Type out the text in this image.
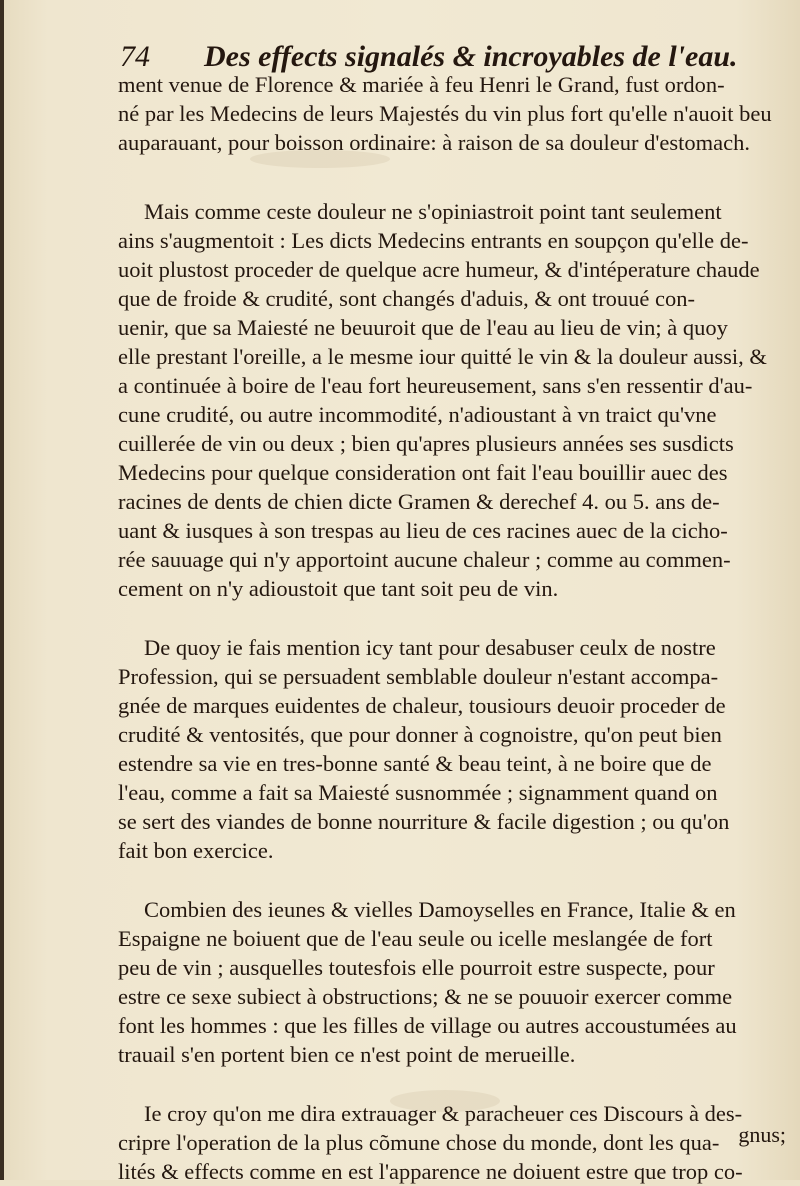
74 Des effects signalés & incroyables de l'eau.

ment venue de Florence & mariée à feu Henri le Grand, fust ordon-
né par les Medecins de leurs Majestés du vin plus fort qu'elle n'auoit beu
auparauant, pour boisson ordinaire: à raison de sa douleur d'estomach.

Mais comme ceste douleur ne s'opiniastroit point tant seulement
ains s'augmentoit : Les dicts Medecins entrants en soupçon qu'elle de-
uoit plustost proceder de quelque acre humeur, & d'intéperature chaude
que de froide & crudité, sont changés d'aduis, & ont trouué con-
uenir, que sa Maiesté ne beuuroit que de l'eau au lieu de vin; à quoy
elle prestant l'oreille, a le mesme iour quitté le vin & la douleur aussi, &
a continuée à boire de l'eau fort heureusement, sans s'en ressentir d'au-
cune crudité, ou autre incommodité, n'adioustant à vn traict qu'vne
cuillerée de vin ou deux ; bien qu'apres plusieurs années ses susdicts
Medecins pour quelque consideration ont fait l'eau bouillir auec des
racines de dents de chien dicte Gramen & derechef 4. ou 5. ans de-
uant & iusques à son trespas au lieu de ces racines auec de la cicho-
rée sauuage qui n'y apportoint aucune chaleur ; comme au commen-
cement on n'y adioustoit que tant soit peu de vin.

De quoy ie fais mention icy tant pour desabuser ceulx de nostre
Profession, qui se persuadent semblable douleur n'estant accompa-
gnée de marques euidentes de chaleur, tousiours deuoir proceder de
crudité & ventosités, que pour donner à cognoistre, qu'on peut bien
estendre sa vie en tres-bonne santé & beau teint, à ne boire que de
l'eau, comme a fait sa Maiesté susnommée ; signamment quand on
se sert des viandes de bonne nourriture & facile digestion ; ou qu'on
fait bon exercice.

Combien des ieunes & vielles Damoyselles en France, Italie & en
Espaigne ne boiuent que de l'eau seule ou icelle meslangée de fort
peu de vin ; ausquelles toutesfois elle pourroit estre suspecte, pour
estre ce sexe subiect à obstructions; & ne se pouuoir exercer comme
font les hommes : que les filles de village ou autres accoustumées au
trauail s'en portent bien ce n'est point de merueille.

Ie croy qu'on me dira extrauager & paracheuer ces Discours à des-
cripre l'operation de la plus cõmune chose du monde, dont les qua-
lités & effects comme en est l'apparence ne doiuent estre que trop co-

gnus;
